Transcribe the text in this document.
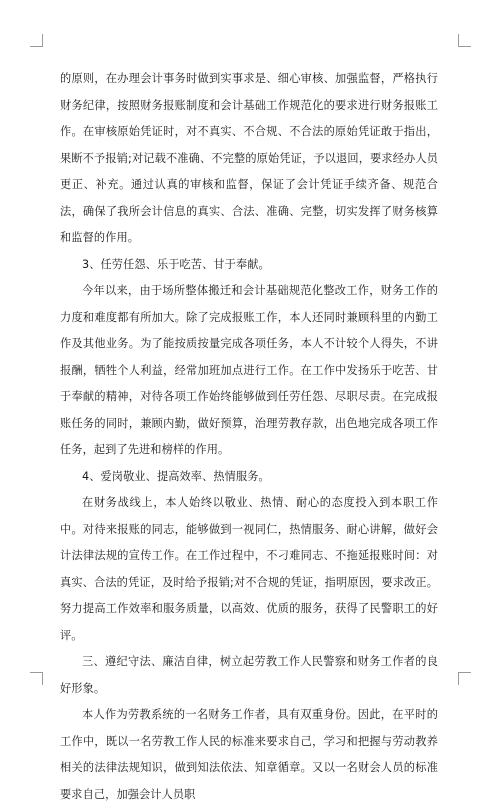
的原则，在办理会计事务时做到实事求是、细心审核、加强监督，严格执行财务纪律，按照财务报账制度和会计基础工作规范化的要求进行财务报账工作。在审核原始凭证时，对不真实、不合规、不合法的原始凭证敢于指出，果断不予报销;对记载不准确、不完整的原始凭证，予以退回，要求经办人员更正、补充。通过认真的审核和监督，保证了会计凭证手续齐备、规范合法，确保了我所会计信息的真实、合法、准确、完整，切实发挥了财务核算和监督的作用。

3、任劳任怨、乐于吃苦、甘于奉献。

今年以来，由于场所整体搬迁和会计基础规范化整改工作，财务工作的力度和难度都有所加大。除了完成报账工作，本人还同时兼顾科里的内勤工作及其他业务。为了能按质按量完成各项任务，本人不计较个人得失，不讲报酬，牺牲个人利益，经常加班加点进行工作。在工作中发扬乐于吃苦、甘于奉献的精神，对待各项工作始终能够做到任劳任怨、尽职尽责。在完成报账任务的同时，兼顾内勤，做好预算，治理劳教存款，出色地完成各项工作任务，起到了先进和榜样的作用。

4、爱岗敬业、提高效率、热情服务。

在财务战线上，本人始终以敬业、热情、耐心的态度投入到本职工作中。对待来报账的同志，能够做到一视同仁，热情服务、耐心讲解，做好会计法律法规的宣传工作。在工作过程中，不刁难同志、不拖延报账时间：对真实、合法的凭证，及时给予报销;对不合规的凭证，指明原因，要求改正。努力提高工作效率和服务质量，以高效、优质的服务，获得了民警职工的好评。

三、遵纪守法、廉洁自律，树立起劳教工作人民警察和财务工作者的良好形象。

本人作为劳教系统的一名财务工作者，具有双重身份。因此，在平时的工作中，既以一名劳教工作人民的标准来要求自己，学习和把握与劳动教养相关的法律法规知识，做到知法依法、知章循章。又以一名财会人员的标准要求自己，加强会计人员职
